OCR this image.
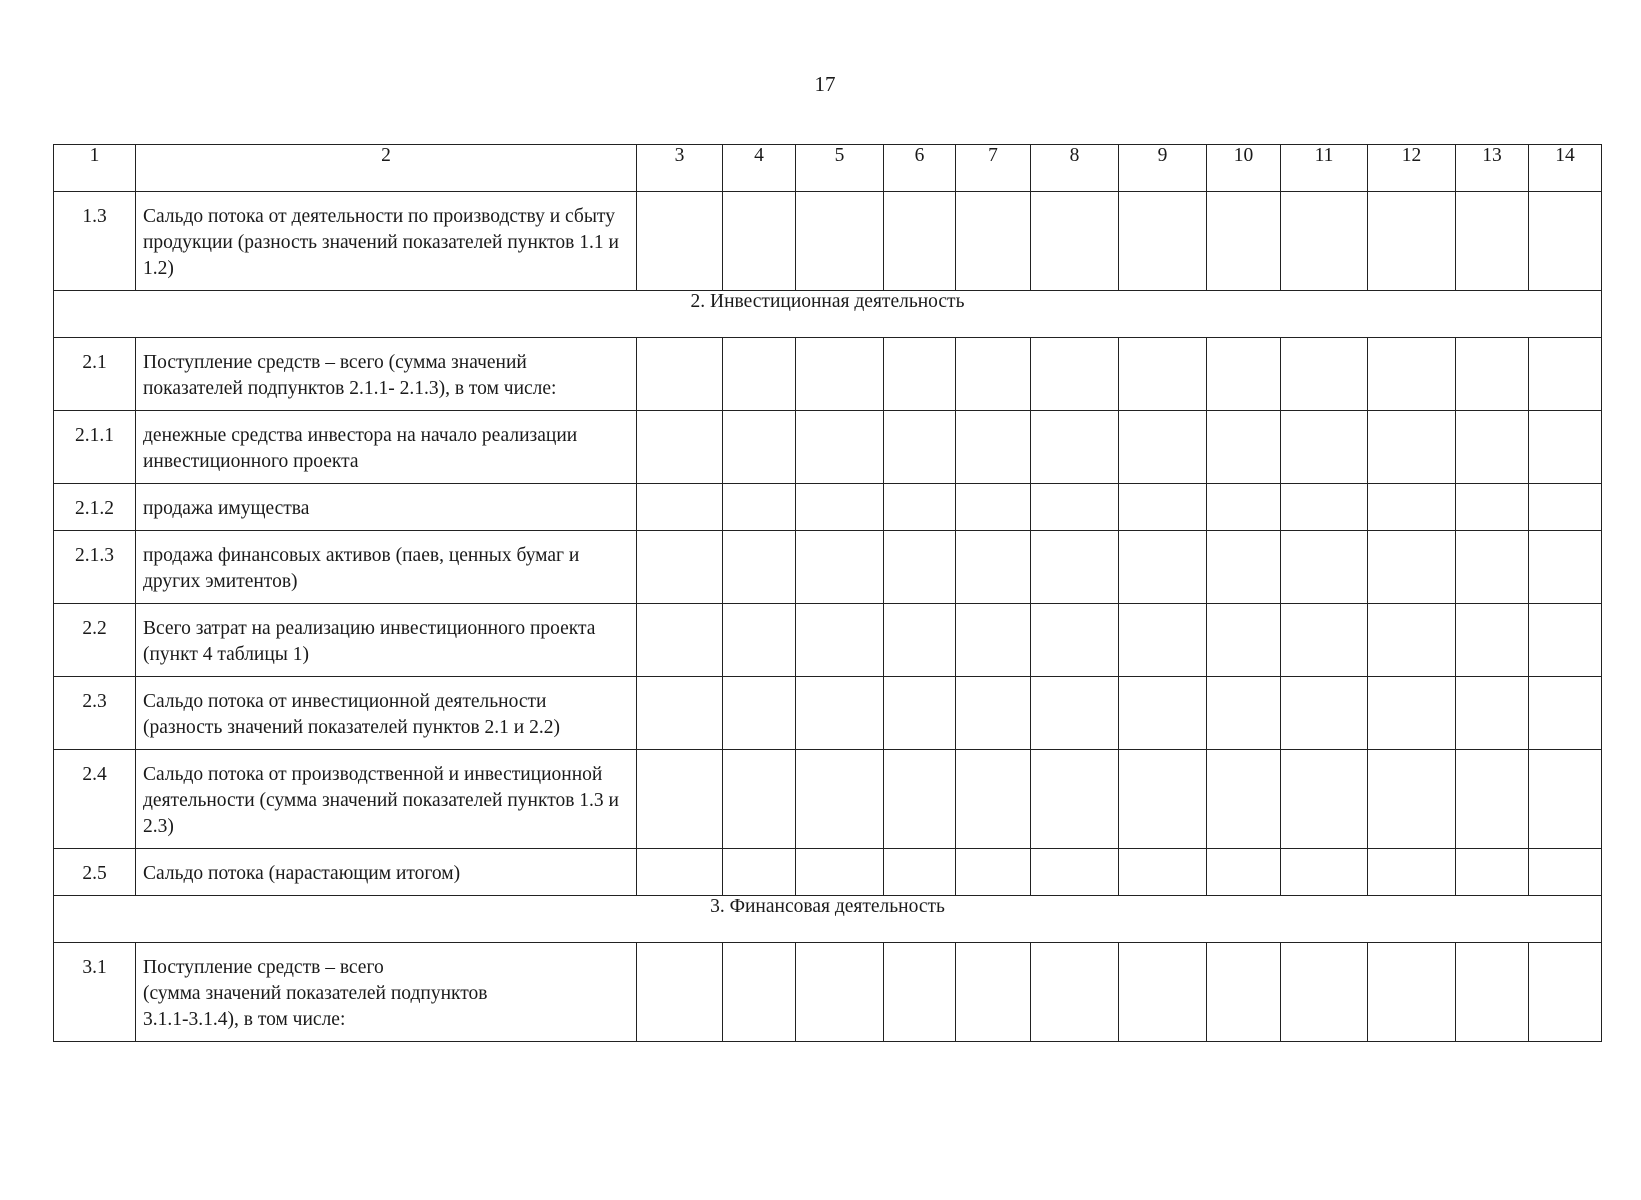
17
1	2	3	4	5	6	7	8	9	10	11	12	13	14
1.3	Сальдо потока от деятельности по производству и сбыту продукции (разность значений показателей пунктов 1.1 и 1.2)												
2. Инвестиционная деятельность													
2.1	Поступление средств – всего (сумма значений показателей подпунктов 2.1.1- 2.1.3), в том числе:												
2.1.1	денежные средства инвестора на начало реализации инвестиционного проекта												
2.1.2	продажа имущества												
2.1.3	продажа финансовых активов (паев, ценных бумаг и других эмитентов)												
2.2	Всего затрат на реализацию инвестиционного проекта (пункт 4 таблицы 1)												
2.3	Сальдо потока от инвестиционной деятельности (разность значений показателей пунктов 2.1 и 2.2)												
2.4	Сальдо потока от производственной и инвестиционной деятельности (сумма значений показателей пунктов 1.3 и 2.3)												
2.5	Сальдо потока (нарастающим итогом)												
3. Финансовая деятельность													
3.1	Поступление средств – всего
(сумма значений показателей подпунктов
3.1.1-3.1.4), в том числе:												
